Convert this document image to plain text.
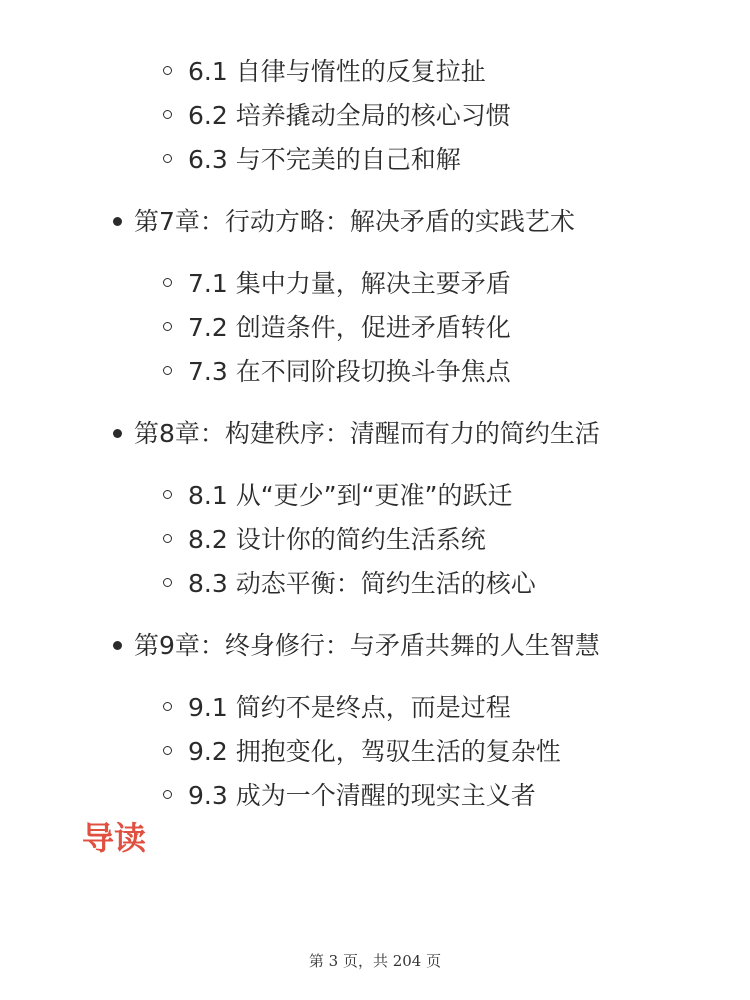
6.1 自律与惰性的反复拉扯
6.2 培养撬动全局的核心习惯
6.3 与不完美的自己和解
第7章：行动方略：解决矛盾的实践艺术
7.1 集中力量，解决主要矛盾
7.2 创造条件，促进矛盾转化
7.3 在不同阶段切换斗争焦点
第8章：构建秩序：清醒而有力的简约生活
8.1 从“更少”到“更准”的跃迁
8.2 设计你的简约生活系统
8.3 动态平衡：简约生活的核心
第9章：终身修行：与矛盾共舞的人生智慧
9.1 简约不是终点，而是过程
9.2 拥抱变化，驾驭生活的复杂性
9.3 成为一个清醒的现实主义者
导读
第 3 页，共 204 页
